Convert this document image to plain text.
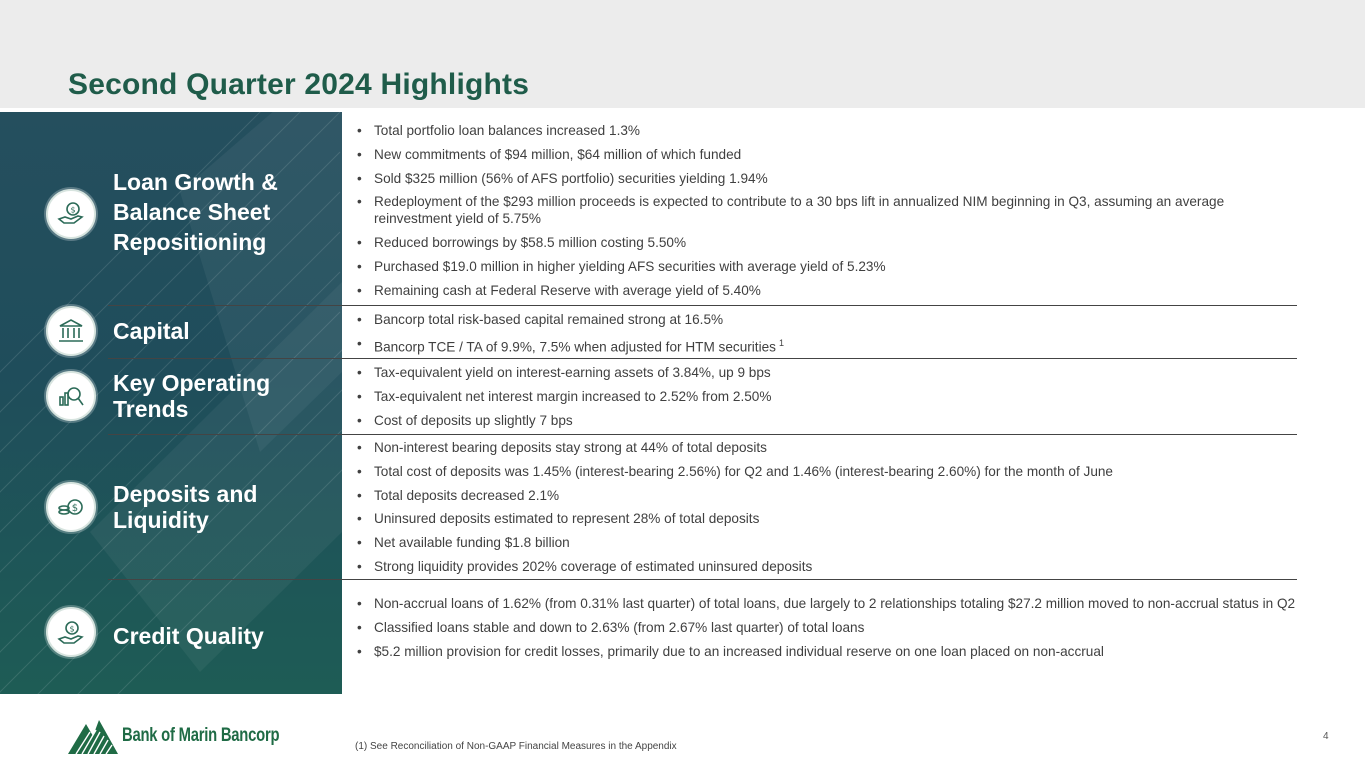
Second Quarter 2024 Highlights
$
Loan Growth & Balance Sheet Repositioning
• Total portfolio loan balances increased 1.3%
• New commitments of $94 million, $64 million of which funded
• Sold $325 million (56% of AFS portfolio) securities yielding 1.94%
• Redeployment of the $293 million proceeds is expected to contribute to a 30 bps lift in annualized NIM beginning in Q3, assuming an average reinvestment yield of 5.75%
• Reduced borrowings by $58.5 million costing 5.50%
• Purchased $19.0 million in higher yielding AFS securities with average yield of 5.23%
• Remaining cash at Federal Reserve with average yield of 5.40%
Capital	• Bancorp total risk-based capital remained strong at 16.5%
• Bancorp TCE / TA of 9.9%, 7.5% when adjusted for HTM securities $^1$
Key Operating Trends
• Tax-equivalent yield on interest-earning assets of 3.84%, up 9 bps
• Tax-equivalent net interest margin increased to 2.52% from 2.50%
• Cost of deposits up slightly 7 bps
$
Deposits and Liquidity
• Non-interest bearing deposits stay strong at 44% of total deposits
• Total cost of deposits was 1.45% (interest-bearing 2.56%) for Q2 and 1.46% (interest-bearing 2.60%) for the month of June
• Total deposits decreased 2.1%
• Uninsured deposits estimated to represent 28% of total deposits
• Net available funding $1.8 billion
• Strong liquidity provides 202% coverage of estimated uninsured deposits
$ Credit Quality
• Non-accrual loans of 1.62% (from 0.31% last quarter) of total loans, due largely to 2 relationships totaling $27.2 million moved to non-accrual status in Q2
• Classified loans stable and down to 2.63% (from 2.67% last quarter) of total loans
• $5.2 million provision for credit losses, primarily due to an increased individual reserve on one loan placed on non-accrual
Bank of Marin Bancorp
(1) See Reconciliation of Non-GAAP Financial Measures in the Appendix
4
